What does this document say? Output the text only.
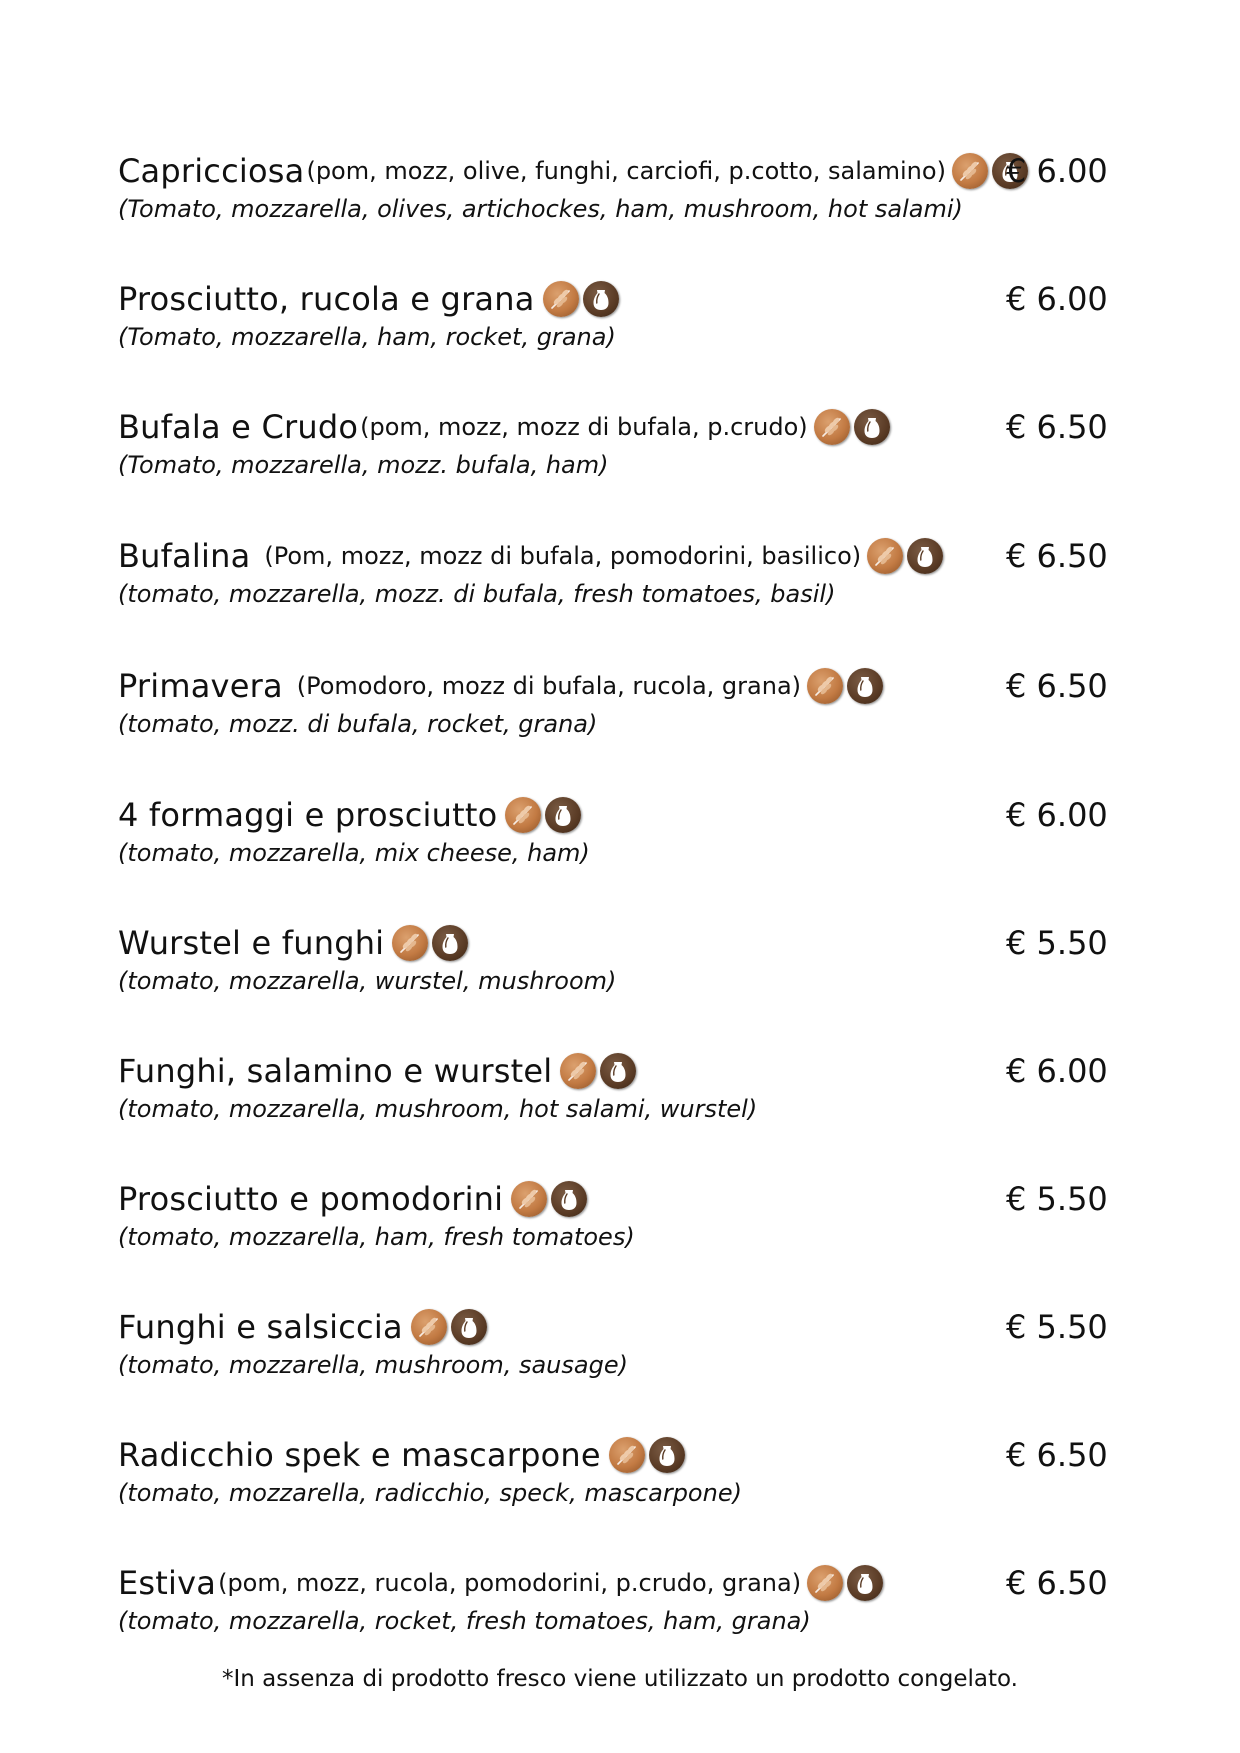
Capricciosa (pom, mozz, olive, funghi, carciofi, p.cotto, salamino) € 6.00
(Tomato, mozzarella, olives, artichockes, ham, mushroom, hot salami)
Prosciutto, rucola e grana	€ 6.00
(Tomato, mozzarella, ham, rocket, grana)
Bufala e Crudo (pom, mozz, mozz di bufala, p.crudo)	€ 6.50
(Tomato, mozzarella, mozz. bufala, ham)
Bufalina (Pom, mozz, mozz di bufala, pomodorini, basilico)	€ 6.50
(tomato, mozzarella, mozz. di bufala, fresh tomatoes, basil)
Primavera (Pomodoro, mozz di bufala, rucola, grana)	€ 6.50
(tomato, mozz. di bufala, rocket, grana)
4 formaggi e prosciutto	€ 6.00
(tomato, mozzarella, mix cheese, ham)
Wurstel e funghi	€ 5.50
(tomato, mozzarella, wurstel, mushroom)
Funghi, salamino e wurstel	€ 6.00
(tomato, mozzarella, mushroom, hot salami, wurstel)
Prosciutto e pomodorini	€ 5.50
(tomato, mozzarella, ham, fresh tomatoes)
Funghi e salsiccia	€ 5.50
(tomato, mozzarella, mushroom, sausage)
Radicchio spek e mascarpone	€ 6.50
(tomato, mozzarella, radicchio, speck, mascarpone)
Estiva (pom, mozz, rucola, pomodorini, p.crudo, grana)	€ 6.50
(tomato, mozzarella, rocket, fresh tomatoes, ham, grana)
*In assenza di prodotto fresco viene utilizzato un prodotto congelato.
